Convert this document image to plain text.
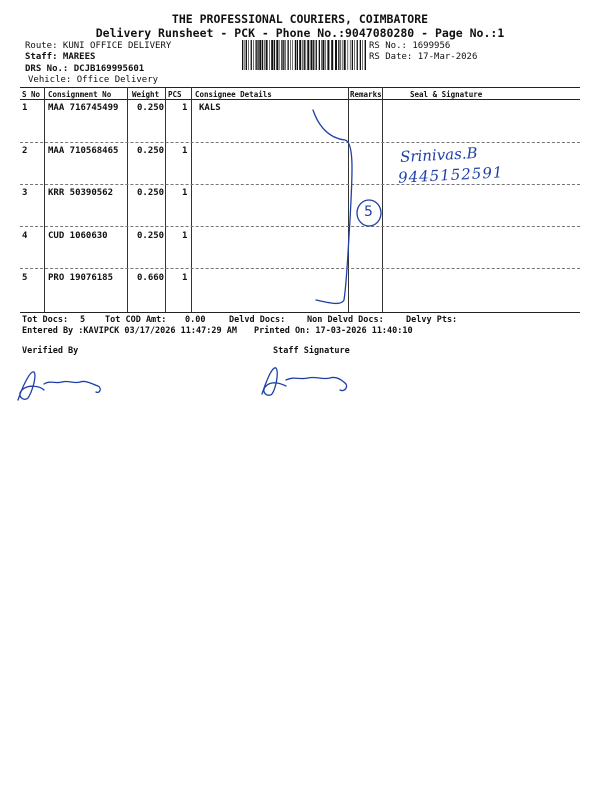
THE PROFESSIONAL COURIERS, COIMBATORE
Delivery Runsheet - PCK - Phone No.:9047080280 - Page No.:1
Route: KUNI OFFICE DELIVERY
Staff: MAREES
DRS No.: DCJB169995601
Vehicle: Office Delivery
RS No.: 1699956
RS Date: 17-Mar-2026
S No Consignment No	Weight PCS Consignee Details	Remarks	Seal & Signature
1 MAA 716745499 0.250 1 KALS
2 MAA 710568465 0.250 1
3 KRR 50390562	0.250 1
4 CUD 1060630	0.250 1
5 PRO 19076185	0.660 1
Srinivas.B
9445152591
5
Tot Docs: 5 Tot COD Amt: 0.00	Delvd Docs:	Non Delvd Docs:	Delvy Pts:
Entered By :KAVIPCK 03/17/2026 11:47:29 AM Printed On: 17-03-2026 11:40:10
Verified By	Staff Signature
